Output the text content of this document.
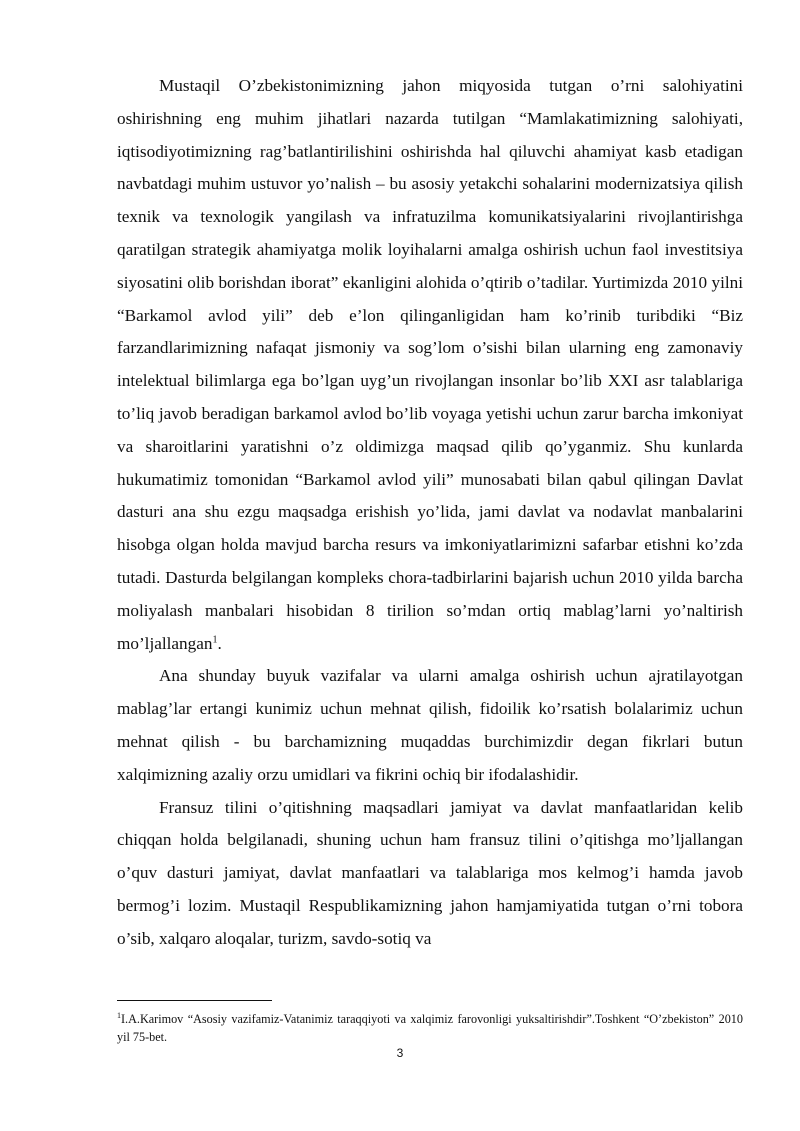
Mustaqil O’zbekistonimizning jahon miqyosida tutgan o’rni salohiyatini oshirishning eng muhim jihatlari nazarda tutilgan “Mamlakatimizning salohiyati, iqtisodiyotimizning rag’batlantirilishini oshirishda hal qiluvchi ahamiyat kasb etadigan navbatdagi muhim ustuvor yo’nalish – bu asosiy yetakchi sohalarini modernizatsiya qilish texnik va texnologik yangilash va infratuzilma komunikatsiyalarini rivojlantirishga qaratilgan strategik ahamiyatga molik loyihalarni amalga oshirish uchun faol investitsiya siyosatini olib borishdan iborat” ekanligini alohida o’qtirib o’tadilar. Yurtimizda 2010 yilni “Barkamol avlod yili” deb e’lon qilinganligidan ham ko’rinib turibdiki “Biz farzandlarimizning nafaqat jismoniy va sog’lom o’sishi bilan ularning eng zamonaviy intelektual bilimlarga ega bo’lgan uyg’un rivojlangan insonlar bo’lib XXI asr talablariga to’liq javob beradigan barkamol avlod bo’lib voyaga yetishi uchun zarur barcha imkoniyat va sharoitlarini yaratishni o’z oldimizga maqsad qilib qo’yganmiz. Shu kunlarda hukumatimiz tomonidan “Barkamol avlod yili” munosabati bilan qabul qilingan Davlat dasturi ana shu ezgu maqsadga erishish yo’lida, jami davlat va nodavlat manbalarini hisobga olgan holda mavjud barcha resurs va imkoniyatlarimizni safarbar etishni ko’zda tutadi. Dasturda belgilangan kompleks chora-tadbirlarini bajarish uchun 2010 yilda barcha moliyalash manbalari hisobidan 8 tirilion so’mdan ortiq mablag’larni yo’naltirish mo’ljallangan$^1$.

Ana shunday buyuk vazifalar va ularni amalga oshirish uchun ajratilayotgan mablag’lar ertangi kunimiz uchun mehnat qilish, fidoilik ko’rsatish bolalarimiz uchun mehnat qilish - bu barchamizning muqaddas burchimizdir degan fikrlari butun xalqimizning azaliy orzu umidlari va fikrini ochiq bir ifodalashidir.

Fransuz tilini o’qitishning maqsadlari jamiyat va davlat manfaatlaridan kelib chiqqan holda belgilanadi, shuning uchun ham fransuz tilini o’qitishga mo’ljallangan o’quv dasturi jamiyat, davlat manfaatlari va talablariga mos kelmog’i hamda javob bermog’i lozim. Mustaqil Respublikamizning jahon hamjamiyatida tutgan o’rni tobora o’sib, xalqaro aloqalar, turizm, savdo-sotiq va

$^1$I.A.Karimov “Asosiy vazifamiz-Vatanimiz taraqqiyoti va xalqimiz farovonligi yuksaltirishdir”.Toshkent “O’zbekiston” 2010 yil 75-bet.

3
